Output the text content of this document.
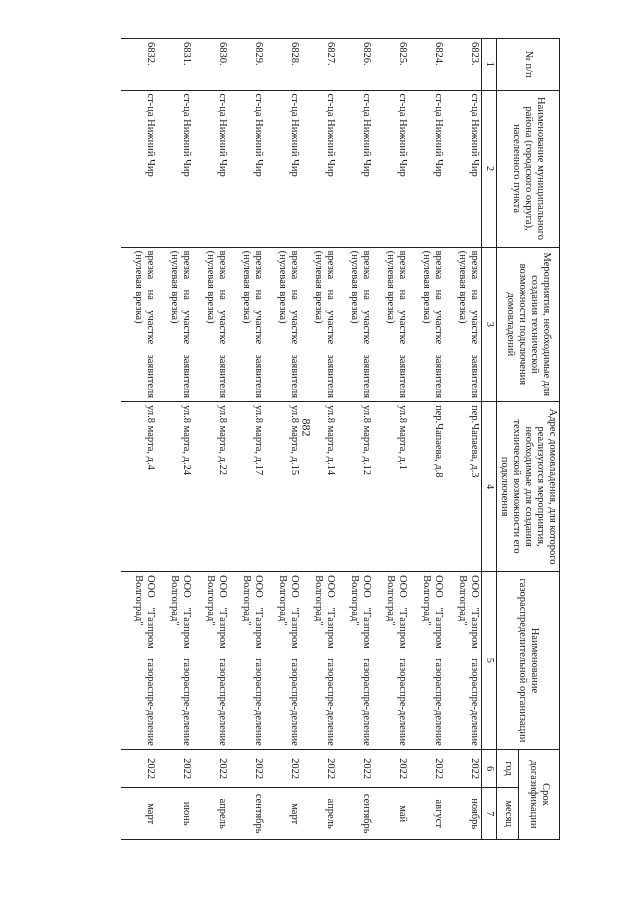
882
№ п/п	Наименование муниципального района (городского округа), населенного пункта	Мероприятия, необходимые для создания технической возможности подключения домовладений	Адрес домовладения, для которого реализуются мероприятия, необходимые для создания технической возможности его подключения	Наименование газораспределительной организации	Срок догазификации	
					год	месяц
1	2	3	4	5	6	7
6823.	ст-ца Нижний Чир	врезка на участке заявителя (нулевая врезка)	пер.Чапаева, д.3	ООО "Газпром газораспре-деление Волгоград"	2022	ноябрь
6824.	ст-ца Нижний Чир	врезка на участке заявителя (нулевая врезка)	пер.Чапаева, д.8	ООО "Газпром газораспре-деление Волгоград"	2022	август
6825.	ст-ца Нижний Чир	врезка на участке заявителя (нулевая врезка)	ул.8 марта, д.1	ООО "Газпром газораспре-деление Волгоград"	2022	май
6826.	ст-ца Нижний Чир	врезка на участке заявителя (нулевая врезка)	ул.8 марта, д.12	ООО "Газпром газораспре-деление Волгоград"	2022	сентябрь
6827.	ст-ца Нижний Чир	врезка на участке заявителя (нулевая врезка)	ул.8 марта, д.14	ООО "Газпром газораспре-деление Волгоград"	2022	апрель
6828.	ст-ца Нижний Чир	врезка на участке заявителя (нулевая врезка)	ул.8 марта, д.15	ООО "Газпром газораспре-деление Волгоград"	2022	март
6829.	ст-ца Нижний Чир	врезка на участке заявителя (нулевая врезка)	ул.8 марта, д.17	ООО "Газпром газораспре-деление Волгоград"	2022	сентябрь
6830.	ст-ца Нижний Чир	врезка на участке заявителя (нулевая врезка)	ул.8 марта, д.22	ООО "Газпром газораспре-деление Волгоград"	2022	апрель
6831.	ст-ца Нижний Чир	врезка на участке заявителя (нулевая врезка)	ул.8 марта, д.24	ООО "Газпром газораспре-деление Волгоград"	2022	июнь
6832.	ст-ца Нижний Чир	врезка на участке заявителя (нулевая врезка)	ул.8 марта, д.4	ООО "Газпром газораспре-деление Волгоград"	2022	март
